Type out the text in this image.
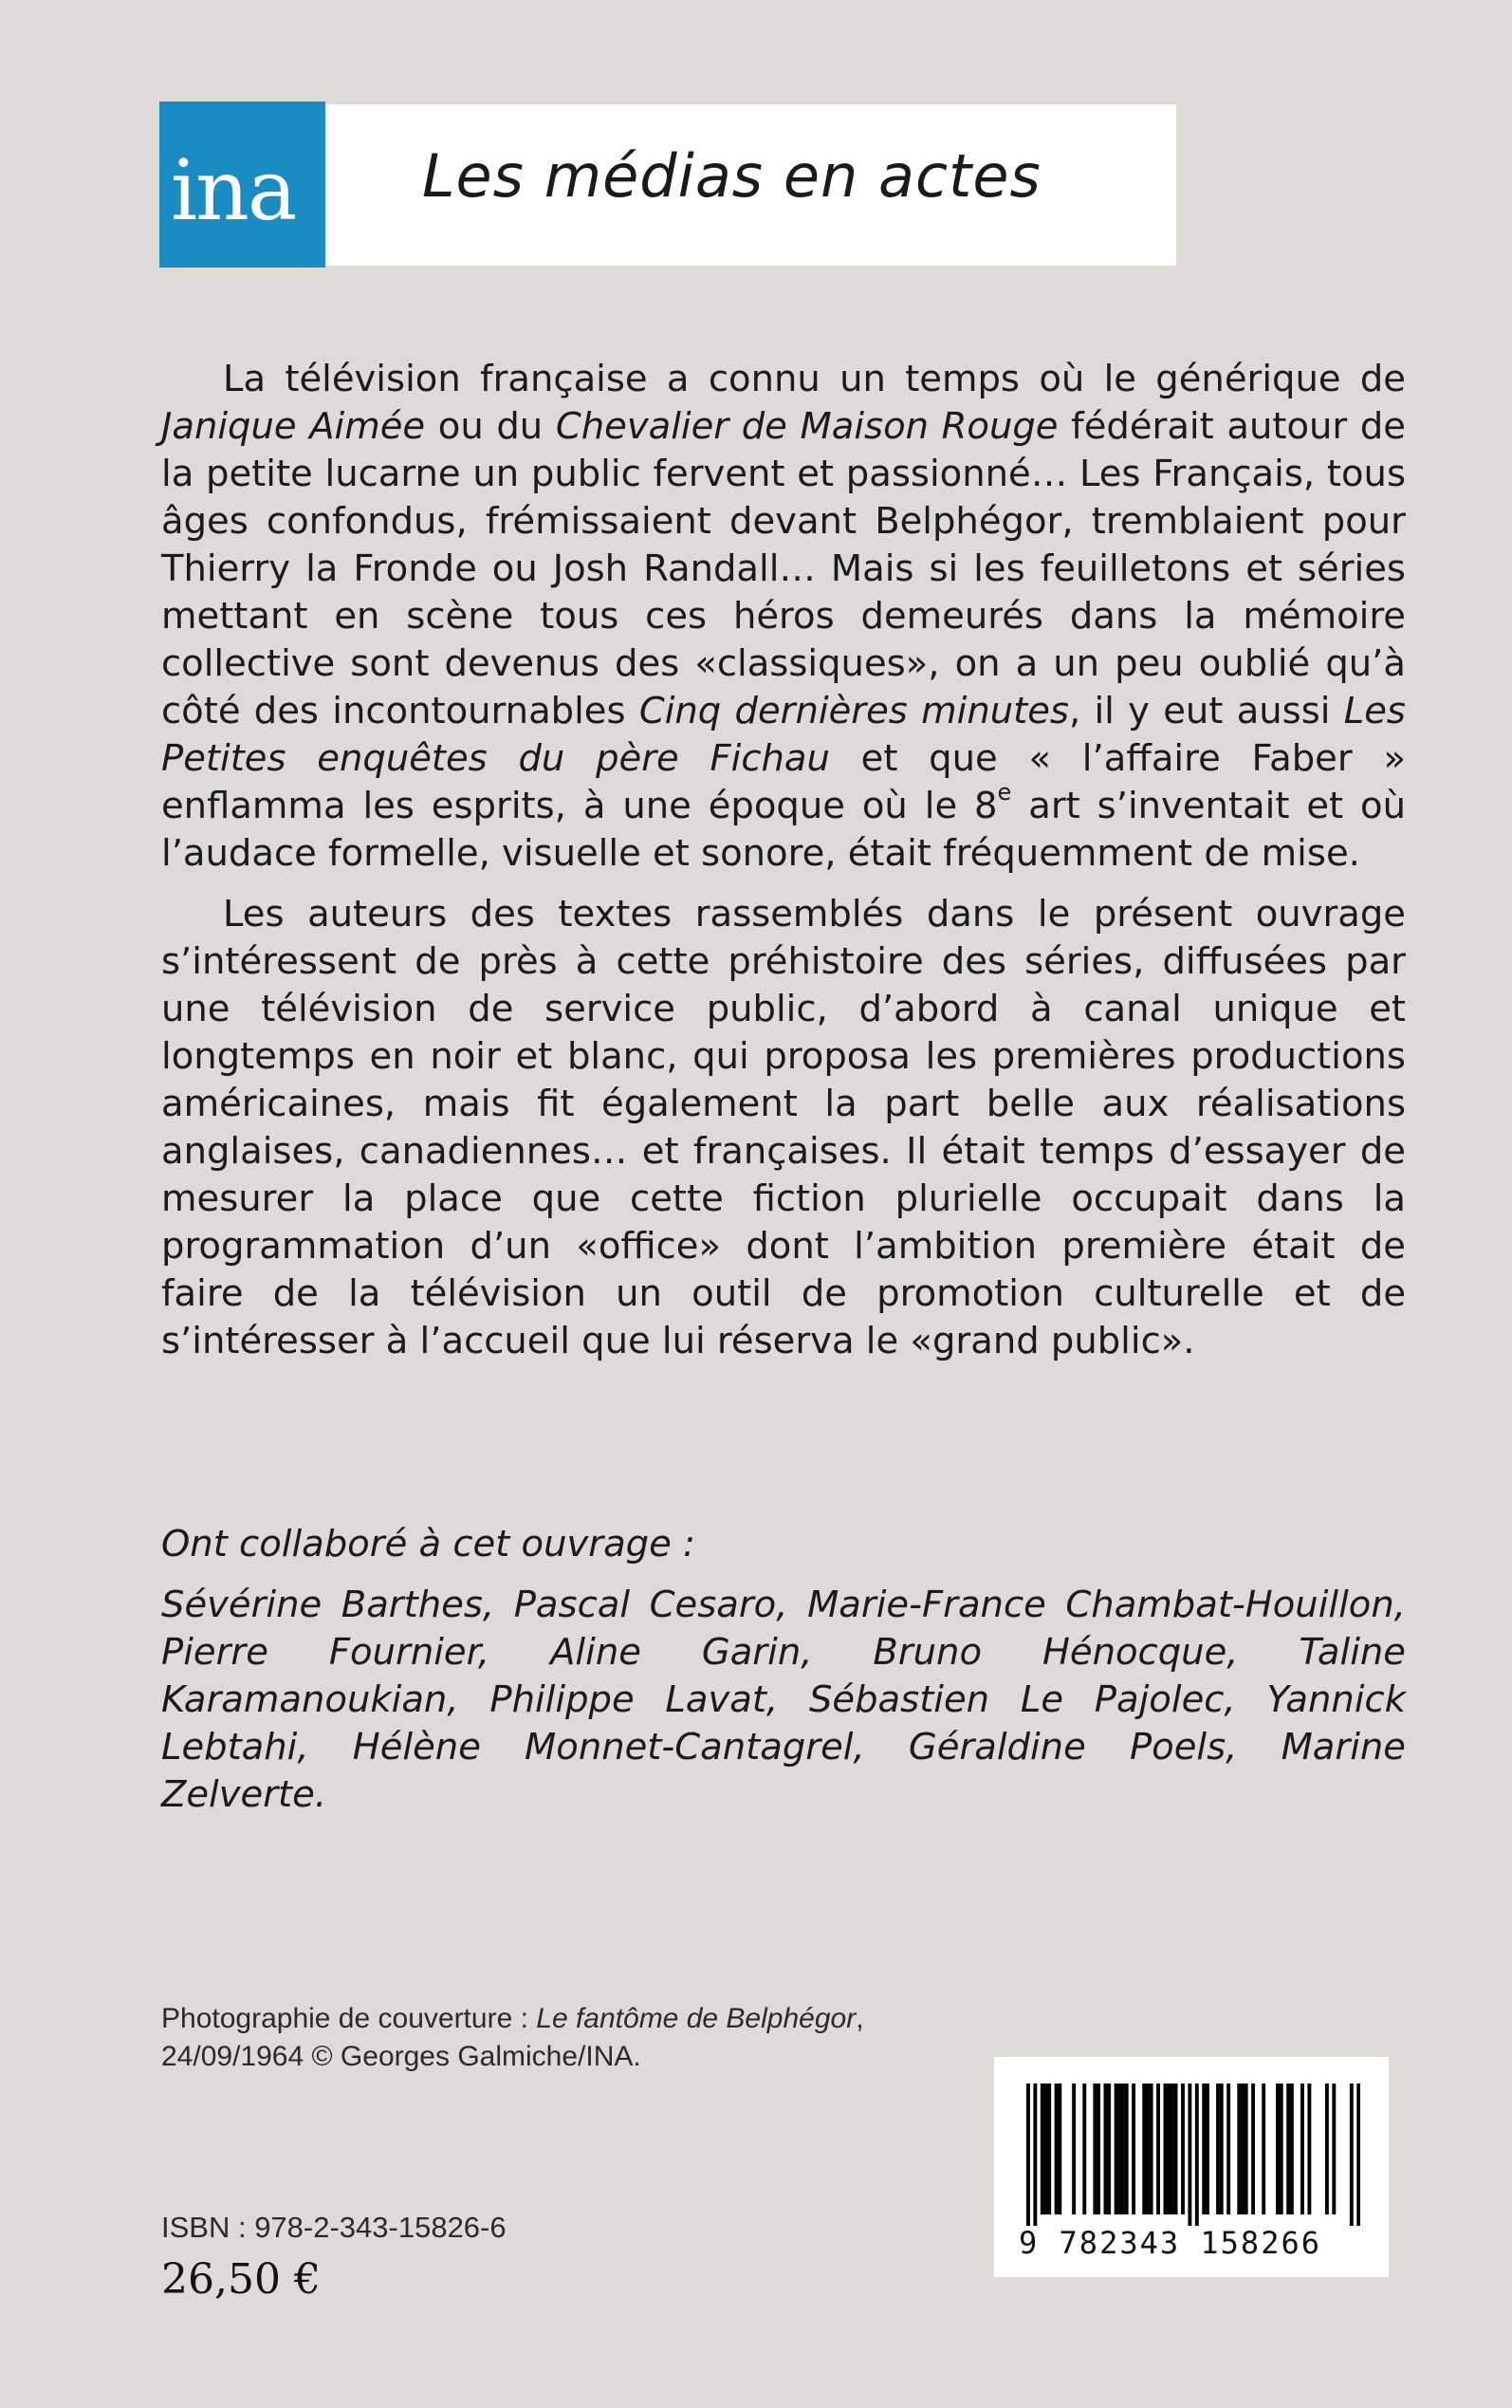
ina Les médias en actes

La télévision française a connu un temps où le générique de Janique Aimée ou du Chevalier de Maison Rouge fédérait autour de la petite lucarne un public fervent et passionné… Les Français, tous âges confondus, frémissaient devant Belphégor, tremblaient pour Thierry la Fronde ou Josh Randall… Mais si les feuilletons et séries mettant en scène tous ces héros demeurés dans la mémoire collective sont devenus des «classiques», on a un peu oublié qu’à côté des incontournables Cinq dernières minutes, il y eut aussi Les Petites enquêtes du père Fichau et que « l’affaire Faber » enflamma les esprits, à une époque où le 8e art s’inventait et où l’audace formelle, visuelle et sonore, était fréquemment de mise.

Les auteurs des textes rassemblés dans le présent ouvrage s’intéressent de près à cette préhistoire des séries, diffusées par une télévision de service public, d’abord à canal unique et longtemps en noir et blanc, qui proposa les premières productions américaines, mais fit également la part belle aux réalisations anglaises, canadiennes… et françaises. Il était temps d’essayer de mesurer la place que cette fiction plurielle occupait dans la programmation d’un «office» dont l’ambition première était de faire de la télévision un outil de promotion culturelle et de s’intéresser à l’accueil que lui réserva le «grand public».

Ont collaboré à cet ouvrage :
Sévérine Barthes, Pascal Cesaro, Marie-France Chambat-Houillon, Pierre Fournier, Aline Garin, Bruno Hénocque, Taline Karamanoukian, Philippe Lavat, Sébastien Le Pajolec, Yannick Lebtahi, Hélène Monnet-Cantagrel, Géraldine Poels, Marine Zelverte.
Photographie de couverture : Le fantôme de Belphégor,
24/09/1964 © Georges Galmiche/INA.
ISBN : 978-2-343-15826-6
26,50 €
9 782343 158266
